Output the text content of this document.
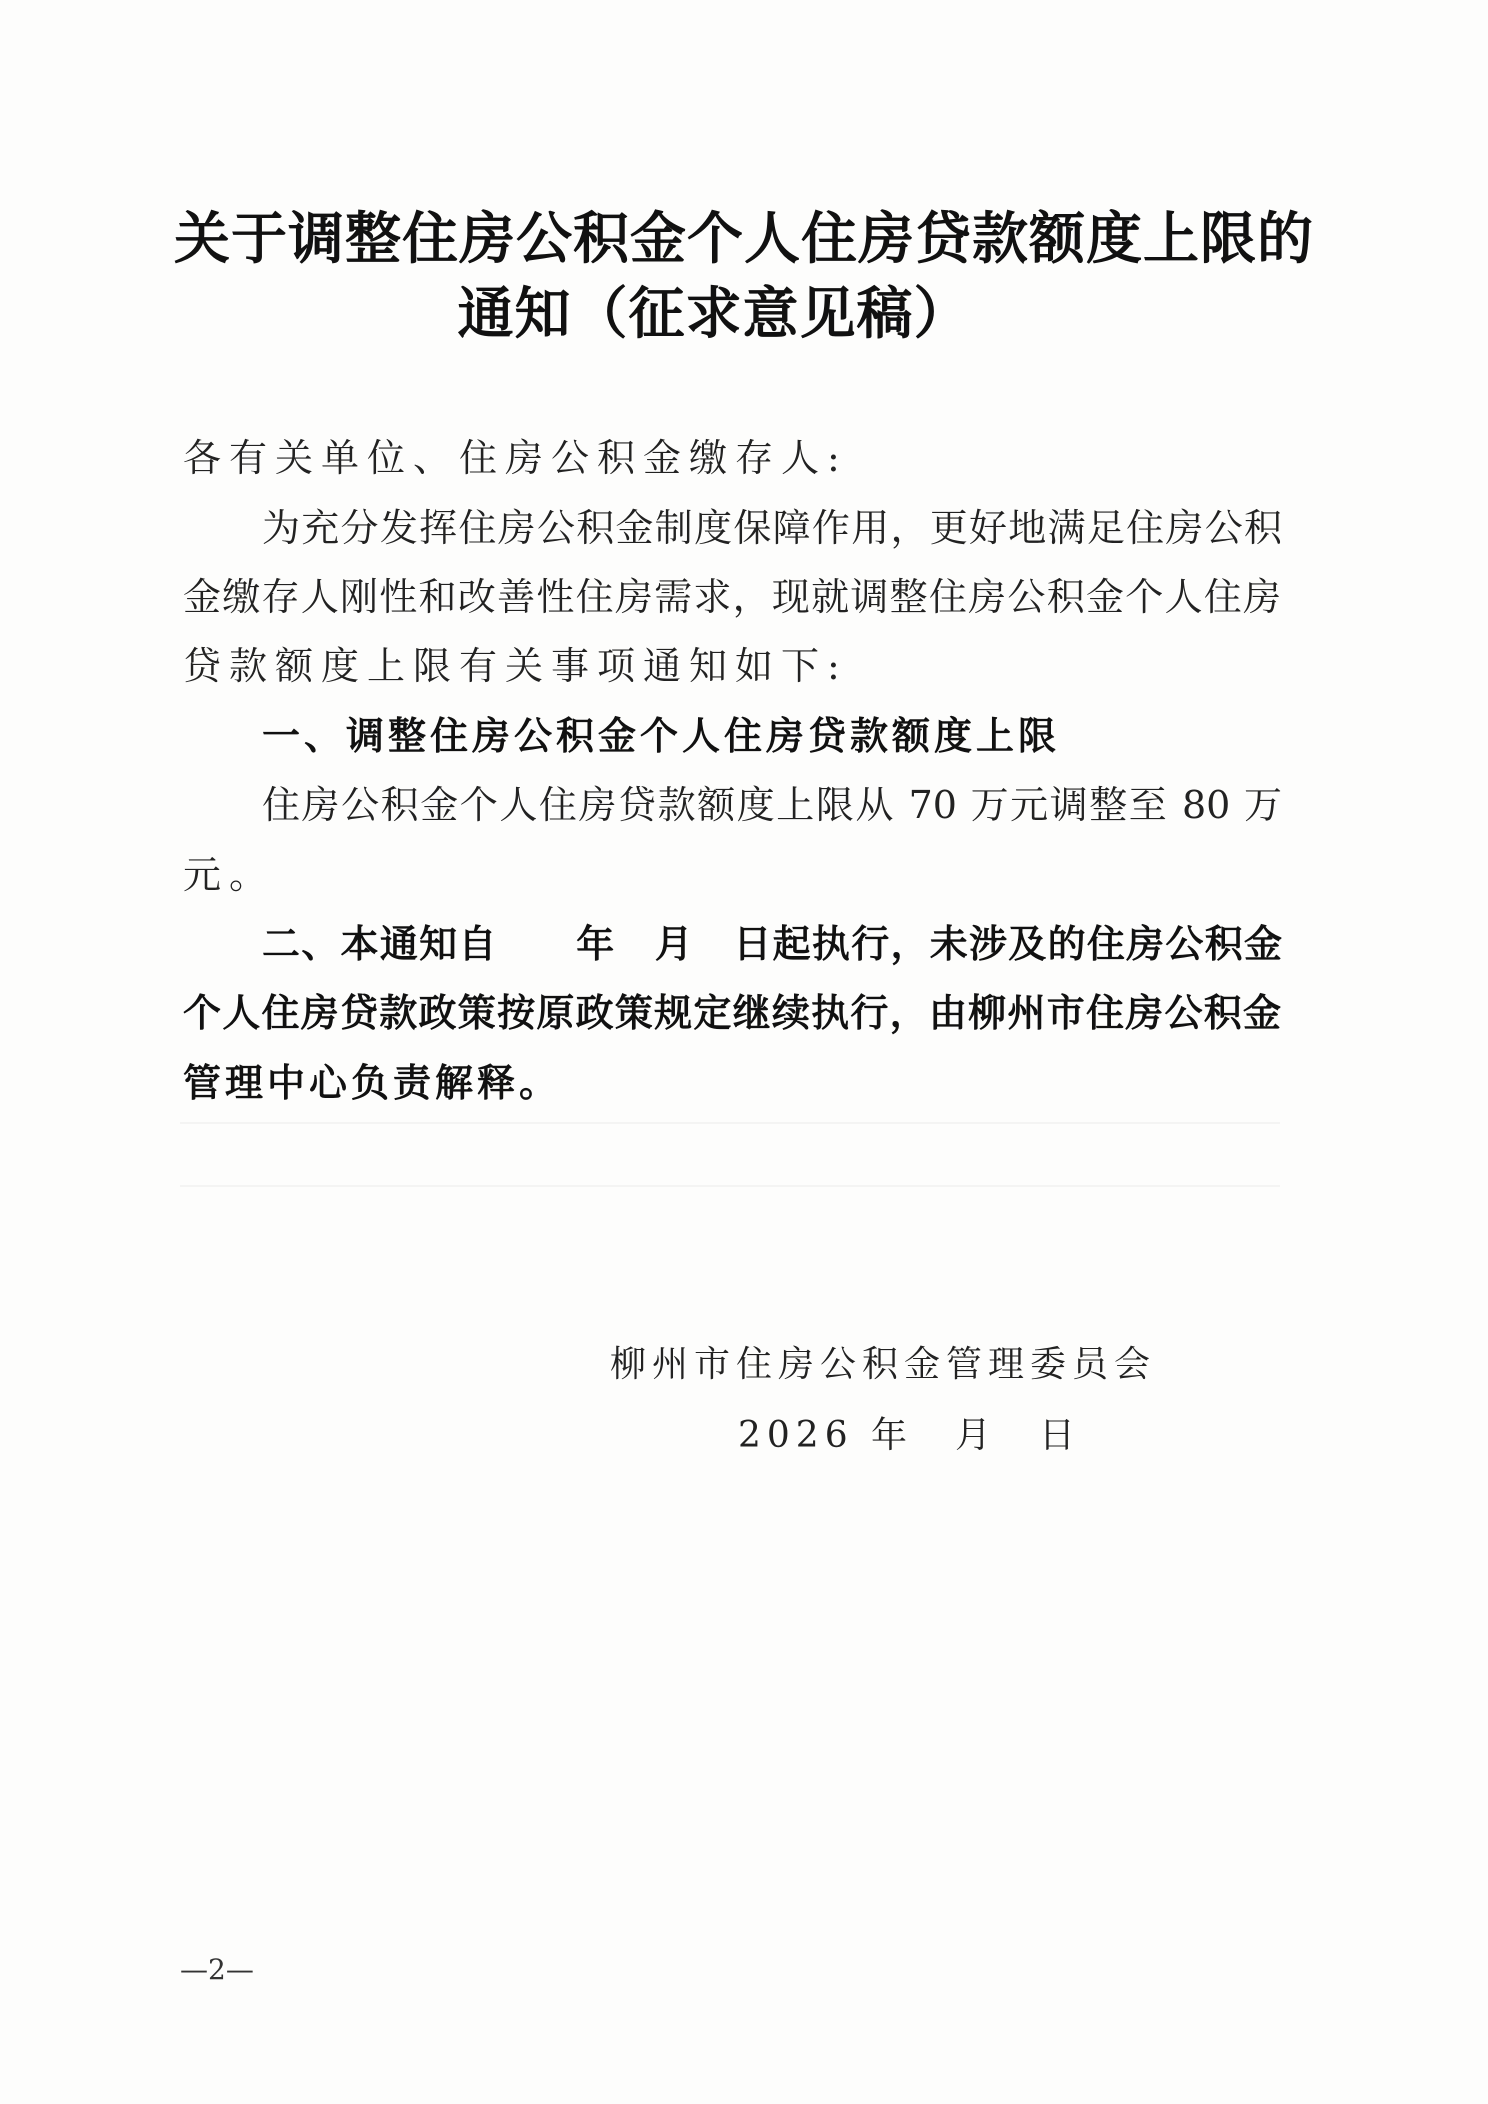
关于调整住房公积金个人住房贷款额度上限的
通知（征求意见稿）
各有关单位、住房公积金缴存人:
为充分发挥住房公积金制度保障作用，更好地满足住房公积
金缴存人刚性和改善性住房需求，现就调整住房公积金个人住房
贷款额度上限有关事项通知如下:
一、调整住房公积金个人住房贷款额度上限
住房公积金个人住房贷款额度上限从 70 万元调整至 80 万
元。
二、本通知自　　年　月　日起执行，未涉及的住房公积金
个人住房贷款政策按原政策规定继续执行，由柳州市住房公积金
管理中心负责解释。
柳州市住房公积金管理委员会
2026 年　月　日
—2—
